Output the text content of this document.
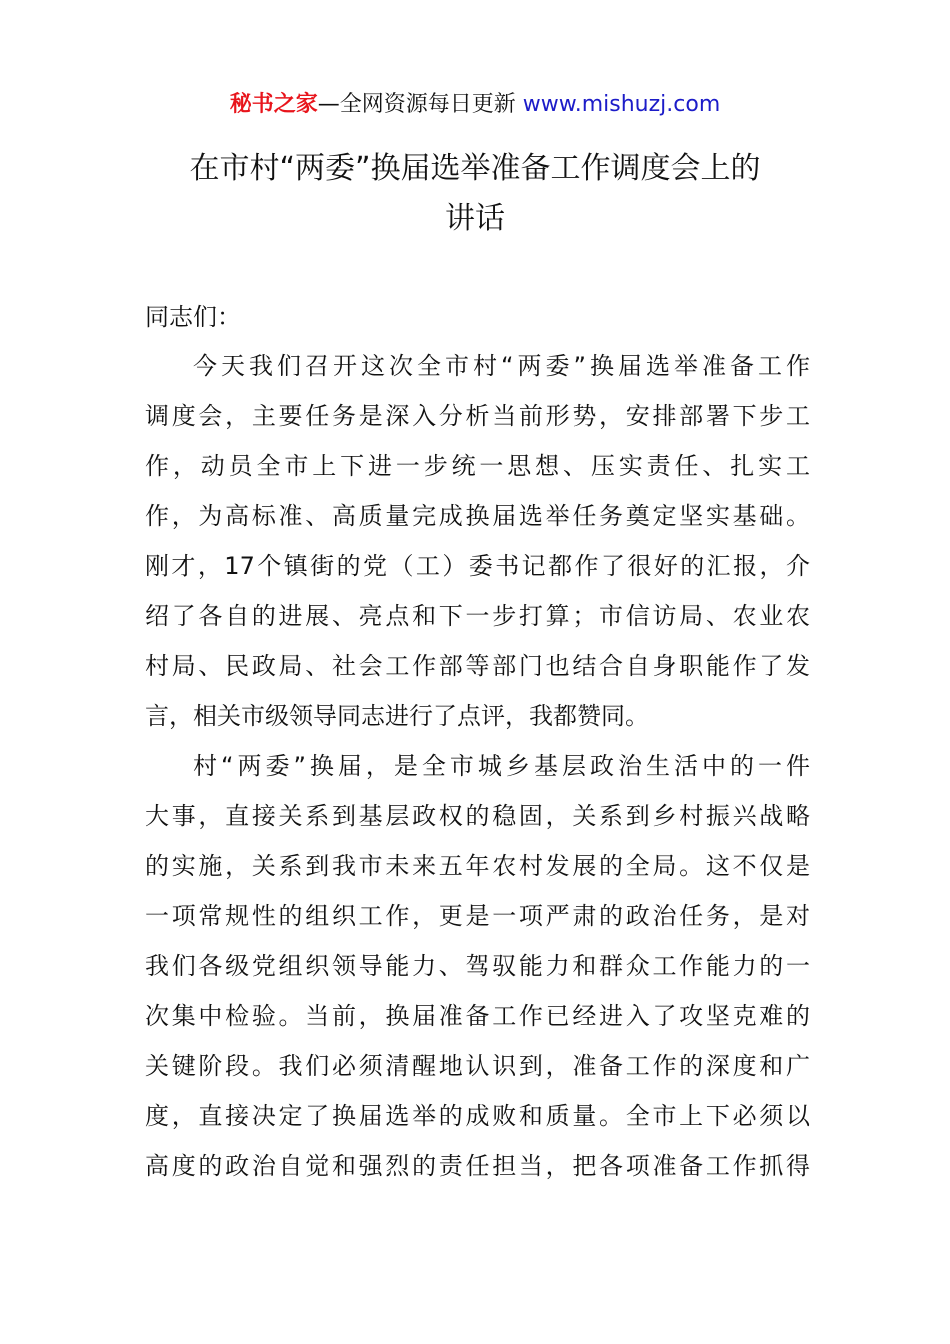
秘书之家—全网资源每日更新 www.mishuzj.com
在市村“两委”换届选举准备工作调度会上的
讲话
同志们：
今天我们召开这次全市村“两委”换届选举准备工作
调度会，主要任务是深入分析当前形势，安排部署下步工
作，动员全市上下进一步统一思想、压实责任、扎实工
作，为高标准、高质量完成换届选举任务奠定坚实基础。
刚才，17个镇街的党（工）委书记都作了很好的汇报，介
绍了各自的进展、亮点和下一步打算；市信访局、农业农
村局、民政局、社会工作部等部门也结合自身职能作了发
言，相关市级领导同志进行了点评，我都赞同。
村“两委”换届，是全市城乡基层政治生活中的一件
大事，直接关系到基层政权的稳固，关系到乡村振兴战略
的实施，关系到我市未来五年农村发展的全局。这不仅是
一项常规性的组织工作，更是一项严肃的政治任务，是对
我们各级党组织领导能力、驾驭能力和群众工作能力的一
次集中检验。当前，换届准备工作已经进入了攻坚克难的
关键阶段。我们必须清醒地认识到，准备工作的深度和广
度，直接决定了换届选举的成败和质量。全市上下必须以
高度的政治自觉和强烈的责任担当，把各项准备工作抓得
